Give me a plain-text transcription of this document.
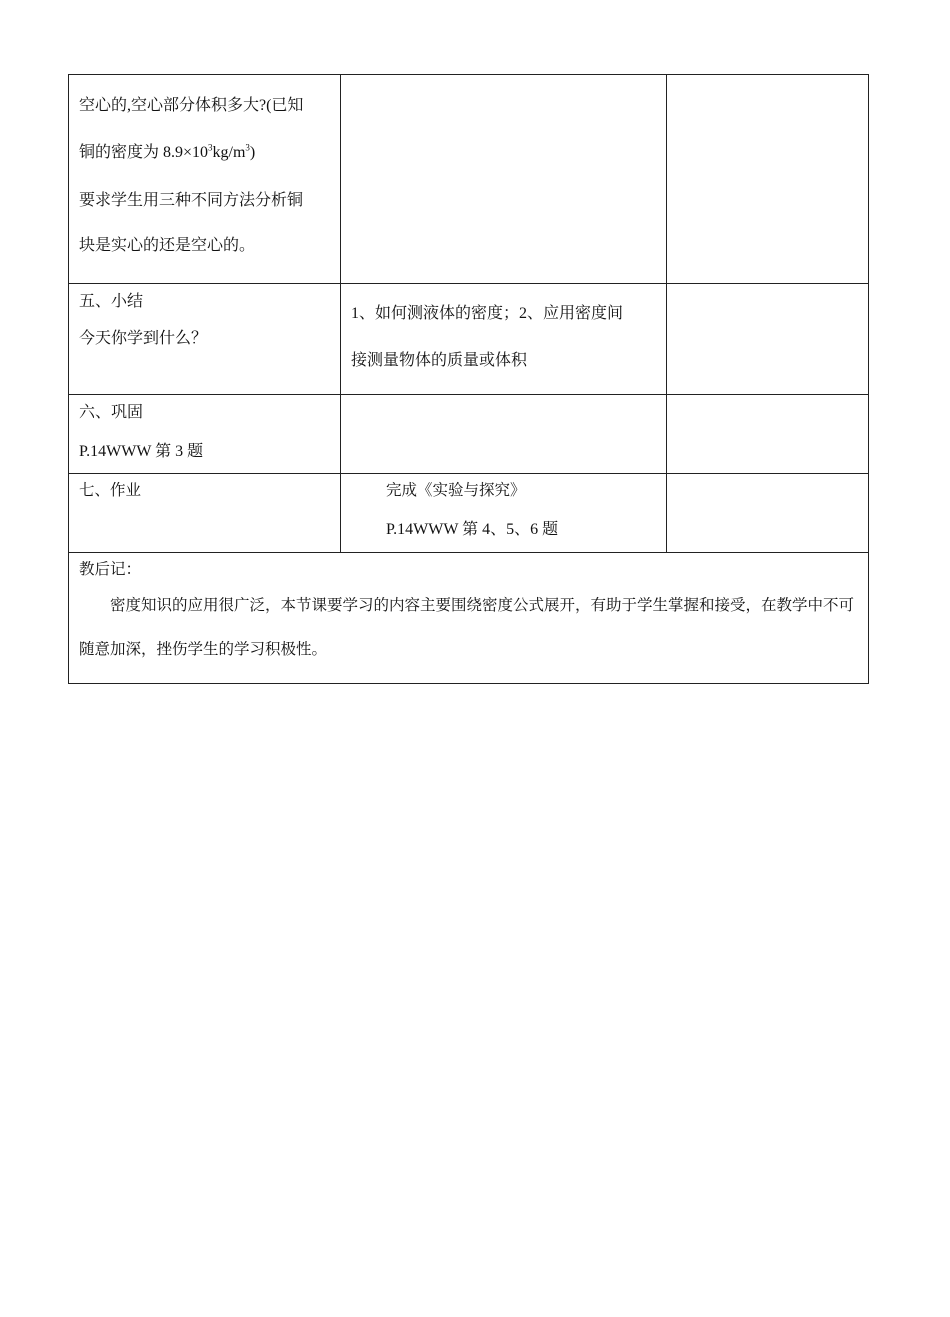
空心的,空心部分体积多大?(已知
铜的密度为 $8.9\times 10^3kg/m^3$)
要求学生用三种不同方法分析铜
块是实心的还是空心的。		

五、小结
今天你学到什么？	1、如何测液体的密度；2、应用密度间
接测量物体的质量或体积	

六、巩固
P.14WWW 第 3 题		

七、作业	完成《实验与探究》
P.14WWW 第 4、5、6 题	

教后记：
密度知识的应用很广泛，本节课要学习的内容主要围绕密度公式展开，有助于学生掌握和接受，在教学中不可随意加深，挫伤学生的学习积极性。		
